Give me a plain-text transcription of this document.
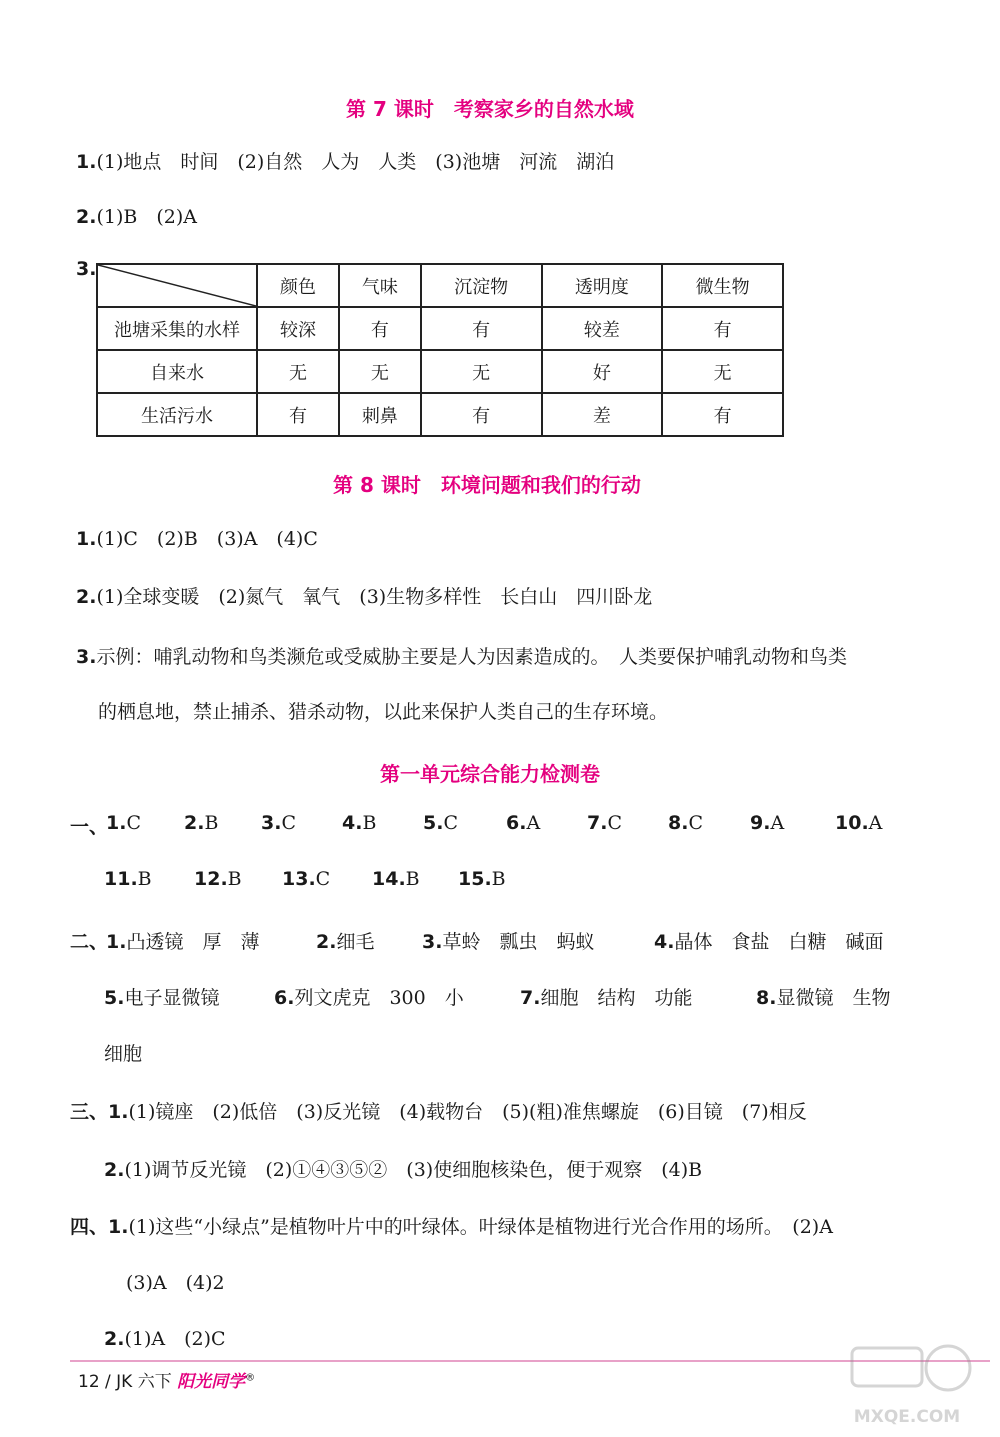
第 7 课时　考察家乡的自然水域
1.(1)地点　时间　(2)自然　人为　人类　(3)池塘　河流　湖泊
2.(1)B　(2)A
3.
	颜色	气味	沉淀物	透明度	微生物
池塘采集的水样	较深	有	有	较差	有
自来水	无	无	无	好	无
生活污水	有	刺鼻	有	差	有
第 8 课时　环境问题和我们的行动
1.(1)C　(2)B　(3)A　(4)C
2.(1)全球变暖　(2)氮气　氧气　(3)生物多样性　长白山　四川卧龙
3.示例：哺乳动物和鸟类濒危或受威胁主要是人为因素造成的。　人类要保护哺乳动物和鸟类
的栖息地，禁止捕杀、猎杀动物，以此来保护人类自己的生存环境。
第一单元综合能力检测卷
一、
1.C 2.B 3.C 4.B 5.C	6.A 7.C 8.C 9.A	10.A
11.B 12.B 13.C 14.B 15.B
二、
1.凸透镜　厚　薄	2.细毛	3.草蛉　瓢虫　蚂蚁	4.晶体　食盐　白糖　碱面
5.电子显微镜	6.列文虎克　300　小	7.细胞　结构　功能	8.显微镜　生物
细胞
三、1.(1)镜座　(2)低倍　(3)反光镜　(4)载物台　(5)(粗)准焦螺旋　(6)目镜　(7)相反
2.(1)调节反光镜　(2)①④③⑤②　(3)使细胞核染色，便于观察　(4)B
四、1.(1)这些“小绿点”是植物叶片中的叶绿体。叶绿体是植物进行光合作用的场所。　(2)A
(3)A　(4)2
2.(1)A　(2)C
12 / JK 六下 阳光同学®
MXQE.COM
